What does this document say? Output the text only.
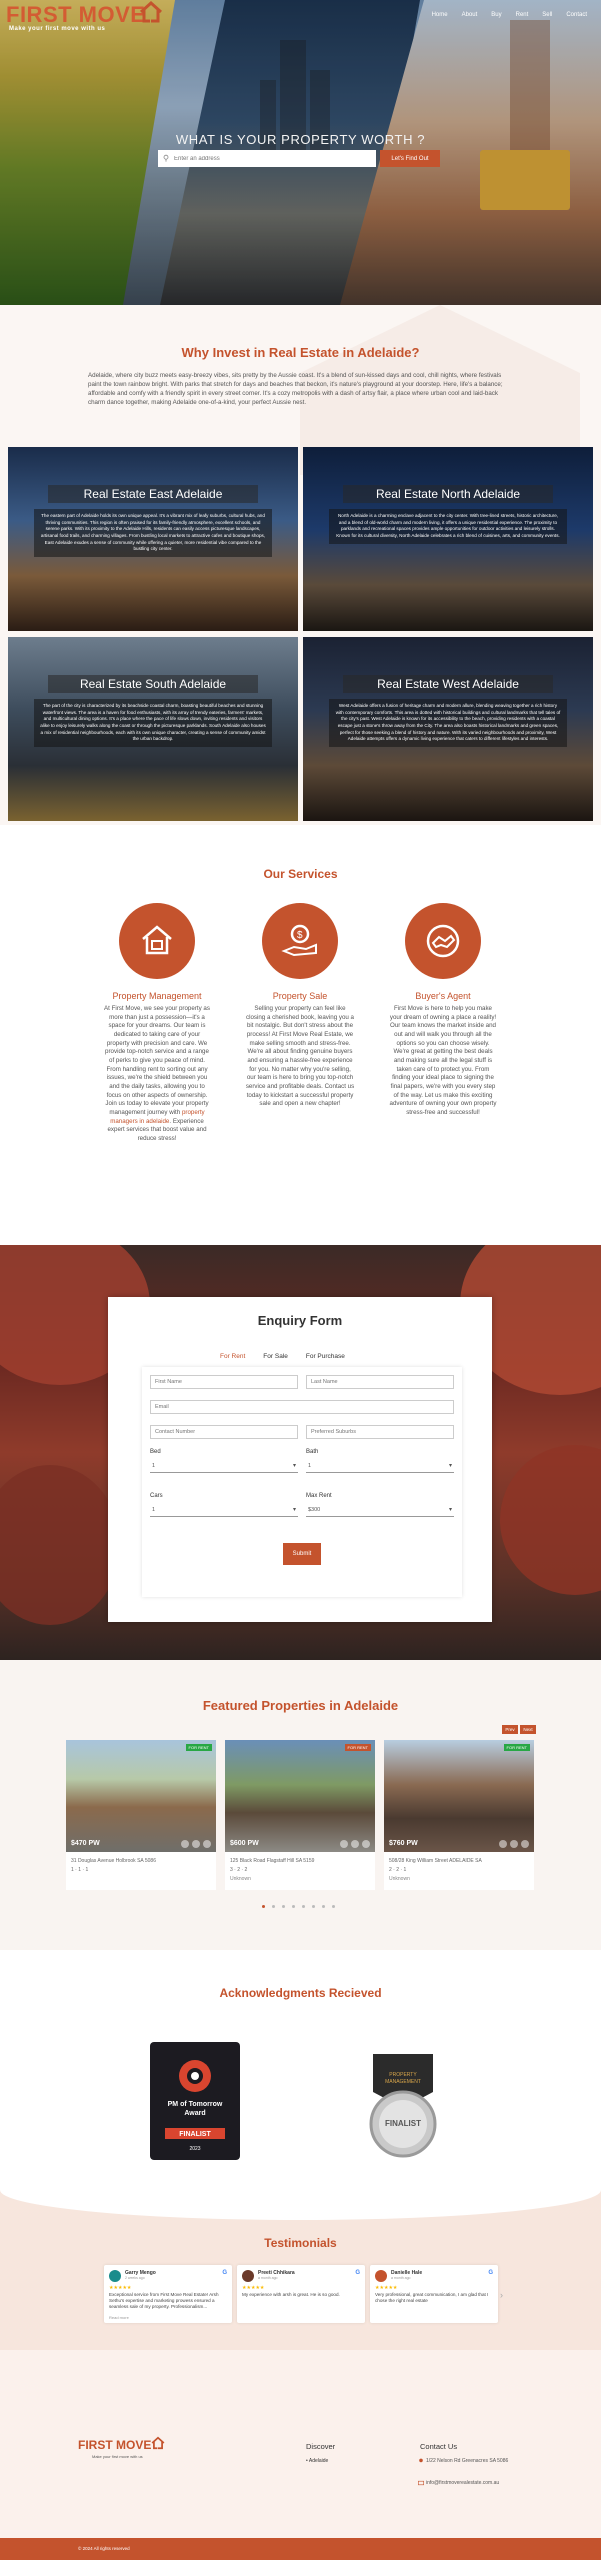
FIRST MOVE
Make your first move with us
Home About Buy Rent Sell Contact
WHAT IS YOUR PROPERTY WORTH ?
Enter an address
Let's Find Out
Why Invest in Real Estate in Adelaide?

Adelaide, where city buzz meets easy-breezy vibes, sits pretty by the Aussie coast. It's a blend of sun-kissed days and cool, chill nights, where festivals paint the town rainbow bright. With parks that stretch for days and beaches that beckon, it's nature's playground at your doorstep. Here, life's a balance; affordable and comfy with a friendly spirit in every street corner. It's a cozy metropolis with a dash of artsy flair, a place where urban cool and laid-back charm dance together, making Adelaide one-of-a-kind, your perfect Aussie nest.

Real Estate East Adelaide
The eastern part of Adelaide holds its own unique appeal. It's a vibrant mix of leafy suburbs, cultural hubs, and thriving communities. This region is often praised for its family-friendly atmosphere, excellent schools, and serene parks. With its proximity to the Adelaide Hills, residents can easily access picturesque landscapes, artisanal food trails, and charming villages. From bustling local markets to attractive cafes and boutique shops, East Adelaide exudes a sense of community while offering a quieter, more residential vibe compared to the bustling city center.
Real Estate North Adelaide
North Adelaide is a charming enclave adjacent to the city center. With tree-lined streets, historic architecture, and a blend of old-world charm and modern living, it offers a unique residential experience. The proximity to parklands and recreational spaces provides ample opportunities for outdoor activities and leisurely strolls. Known for its cultural diversity, North Adelaide celebrates a rich blend of cuisines, arts, and community events.
Real Estate South Adelaide
The part of the city is characterized by its beachside coastal charm, boasting beautiful beaches and stunning waterfront views. The area is a haven for food enthusiasts, with its array of trendy eateries, farmers' markets, and multicultural dining options. It's a place where the pace of life slows down, inviting residents and visitors alike to enjoy leisurely walks along the coast or through the picturesque parklands. South Adelaide also houses a mix of residential neighbourhoods, each with its own unique character, creating a sense of community amidst the urban backdrop.
Real Estate West Adelaide
West Adelaide offers a fusion of heritage charm and modern allure, blending weaving together a rich history with contemporary comforts. This area is dotted with historical buildings and cultural landmarks that tell tales of the city's past. West Adelaide is known for its accessibility to the beach, providing residents with a coastal escape just a stone's throw away from the City. The area also boasts historical landmarks and green spaces, perfect for those seeking a blend of history and nature. With its varied neighbourhoods and proximity, West Adelaide attempts offers a dynamic living experience that caters to different lifestyles and interests.
Our Services
Property Management

At First Move, we see your property as more than just a possession—it's a space for your dreams. Our team is dedicated to taking care of your property with precision and care. We provide top-notch service and a range of perks to give you peace of mind. From handling rent to sorting out any issues, we're the shield between you and the daily tasks, allowing you to focus on other aspects of ownership. Join us today to elevate your property management journey with property managers in adelaide. Experience expert services that boost value and reduce stress!

$
Property Sale

Selling your property can feel like closing a cherished book, leaving you a bit nostalgic. But don't stress about the process! At First Move Real Estate, we make selling smooth and stress-free. We're all about finding genuine buyers and ensuring a hassle-free experience for you. No matter why you're selling, our team is here to bring you top-notch service and profitable deals. Contact us today to kickstart a successful property sale and open a new chapter!

Buyer's Agent

First Move is here to help you make your dream of owning a place a reality! Our team knows the market inside and out and will walk you through all the options so you can choose wisely. We're great at getting the best deals and making sure all the legal stuff is taken care of to protect you. From finding your ideal place to signing the final papers, we're with you every step of the way. Let us make this exciting adventure of owning your own property stress-free and successful!

Enquiry Form
For Rent	For Sale	For Purchase
First Name
Last Name
Email
Contact Number
Preferred Suburbs
Bed
1	▾
Bath
1	▾
Cars
1	▾
Max Rent
$300	▾
Submit
Featured Properties in Adelaide
Prev	Next
FOR RENT
$470 PW
31 Douglas Avenue Holbrook SA 5086
1 · 1 · 1
FOR RENT
$600 PW
125 Black Road Flagstaff Hill SA 5159
3 · 2 · 2
Unknown
FOR RENT
$760 PW
508/28 King William Street ADELAIDE SA
2 · 2 · 1
Unknown
Acknowledgments Recieved
PM of Tomorrow
Award
FINALIST
2023
PROPERTY
MANAGEMENT
FINALIST
Testimonials
Garry Mengo
2 weeks ago
G
★★★★★
Exceptional service from First Move Real Estate! Arsh Sethu's expertise and marketing prowess ensured a seamless sale of my property. Professionalism...
Read more
Preeti Chhikara
a month ago
G
★★★★★
My experience with arsh is great. He is so good.
Danielle Hale
a month ago
G
★★★★★
Very professional, great communication, I am glad that I chose the right real estate
›
FIRST MOVE
Make your first move with us
Discover
• Adelaide
Contact Us
1/22 Nelson Rd Greenacres SA 5086
info@firstmoverealestate.com.au
© 2024 All rights reserved
